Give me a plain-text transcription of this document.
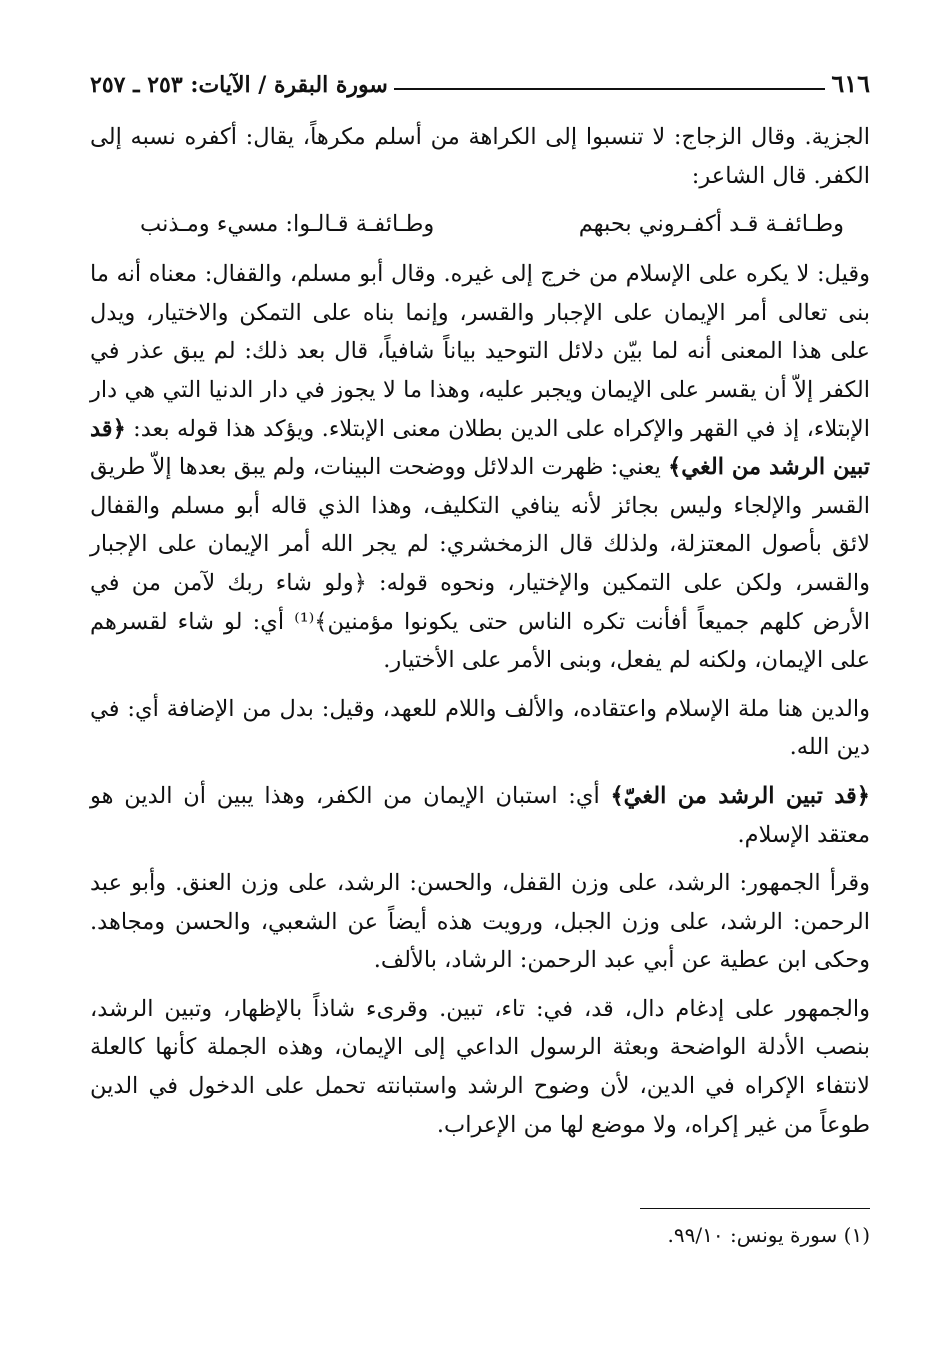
٦١٦
سورة البقرة / الآيات: ٢٥٣ ـ ٢٥٧

الجزية. وقال الزجاج: لا تنسبوا إلى الكراهة من أسلم مكرهاً، يقال: أكفره نسبه إلى الكفر. قال الشاعر:

وطـائفـة قـد أكفـروني بحبهم
وطـائفـة قـالـوا: مسيء ومـذنب

وقيل: لا يكره على الإسلام من خرج إلى غيره. وقال أبو مسلم، والقفال: معناه أنه ما بنى تعالى أمر الإيمان على الإجبار والقسر، وإنما بناه على التمكن والاختيار، ويدل على هذا المعنى أنه لما بيّن دلائل التوحيد بياناً شافياً، قال بعد ذلك: لم يبق عذر في الكفر إلاّ أن يقسر على الإيمان ويجبر عليه، وهذا ما لا يجوز في دار الدنيا التي هي دار الإبتلاء، إذ في القهر والإكراه على الدين بطلان معنى الإبتلاء. ويؤكد هذا قوله بعد: ﴿قد تبين الرشد من الغي﴾ يعني: ظهرت الدلائل ووضحت البينات، ولم يبق بعدها إلاّ طريق القسر والإلجاء وليس بجائز لأنه ينافي التكليف، وهذا الذي قاله أبو مسلم والقفال لائق بأصول المعتزلة، ولذلك قال الزمخشري: لم يجر الله أمر الإيمان على الإجبار والقسر، ولكن على التمكين والإختيار، ونحوه قوله: ﴿ولو شاء ربك لآمن من في الأرض كلهم جميعاً أفأنت تكره الناس حتى يكونوا مؤمنين﴾⁽¹⁾ أي: لو شاء لقسرهم على الإيمان، ولكنه لم يفعل، وبنى الأمر على الأختيار.

والدين هنا ملة الإسلام واعتقاده، والألف واللام للعهد، وقيل: بدل من الإضافة أي: في دين الله.

﴿قد تبين الرشد من الغيّ﴾ أي: استبان الإيمان من الكفر، وهذا يبين أن الدين هو معتقد الإسلام.

وقرأ الجمهور: الرشد، على وزن القفل، والحسن: الرشد، على وزن العنق. وأبو عبد الرحمن: الرشد، على وزن الجبل، ورويت هذه أيضاً عن الشعبي، والحسن ومجاهد. وحكى ابن عطية عن أبي عبد الرحمن: الرشاد، بالألف.

والجمهور على إدغام دال، قد، في: تاء، تبين. وقرىء شاذاً بالإظهار، وتبين الرشد، بنصب الأدلة الواضحة وبعثة الرسول الداعي إلى الإيمان، وهذه الجملة كأنها كالعلة لانتفاء الإكراه في الدين، لأن وضوح الرشد واستبانته تحمل على الدخول في الدين طوعاً من غير إكراه، ولا موضع لها من الإعراب.

(١) سورة يونس: ٩٩/١٠.
